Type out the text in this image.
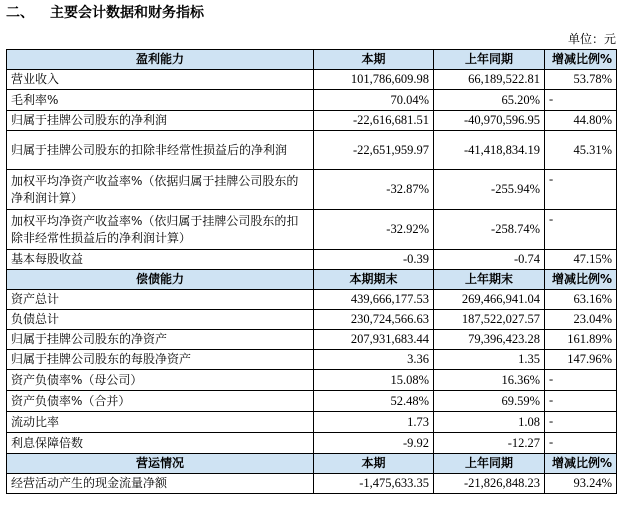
二、 主要会计数据和财务指标
单位：元
盈利能力	本期	上年同期	增减比例%
营业收入	101,786,609.98	66,189,522.81	53.78%
毛利率%	70.04%	65.20%	-
归属于挂牌公司股东的净利润	-22,616,681.51	-40,970,596.95	44.80%
归属于挂牌公司股东的扣除非经常性损益后的净利润	-22,651,959.97	-41,418,834.19	45.31%
加权平均净资产收益率%（依据归属于挂牌公司股东的净利润计算）	-32.87%	-255.94%	-
加权平均净资产收益率%（依归属于挂牌公司股东的扣除非经常性损益后的净利润计算）	-32.92%	-258.74%	-
基本每股收益	-0.39	-0.74	47.15%
偿债能力	本期期末	上年期末	增减比例%
资产总计	439,666,177.53	269,466,941.04	63.16%
负债总计	230,724,566.63	187,522,027.57	23.04%
归属于挂牌公司股东的净资产	207,931,683.44	79,396,423.28	161.89%
归属于挂牌公司股东的每股净资产	3.36	1.35	147.96%
资产负债率%（母公司）	15.08%	16.36%	-
资产负债率%（合并）	52.48%	69.59%	-
流动比率	1.73	1.08	-
利息保障倍数	-9.92	-12.27	-
营运情况	本期	上年同期	增减比例%
经营活动产生的现金流量净额	-1,475,633.35	-21,826,848.23	93.24%
